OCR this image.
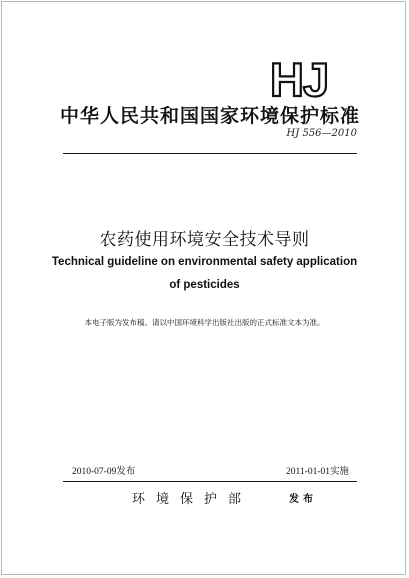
HJ
中华人民共和国国家环境保护标准
HJ 556—2010
农药使用环境安全技术导则
Technical guideline on environmental safety application
of pesticides
本电子版为发布稿。请以中国环境科学出版社出版的正式标准文本为准。
2010-07-09发布	2011-01-01实施
环境保护部	发布
